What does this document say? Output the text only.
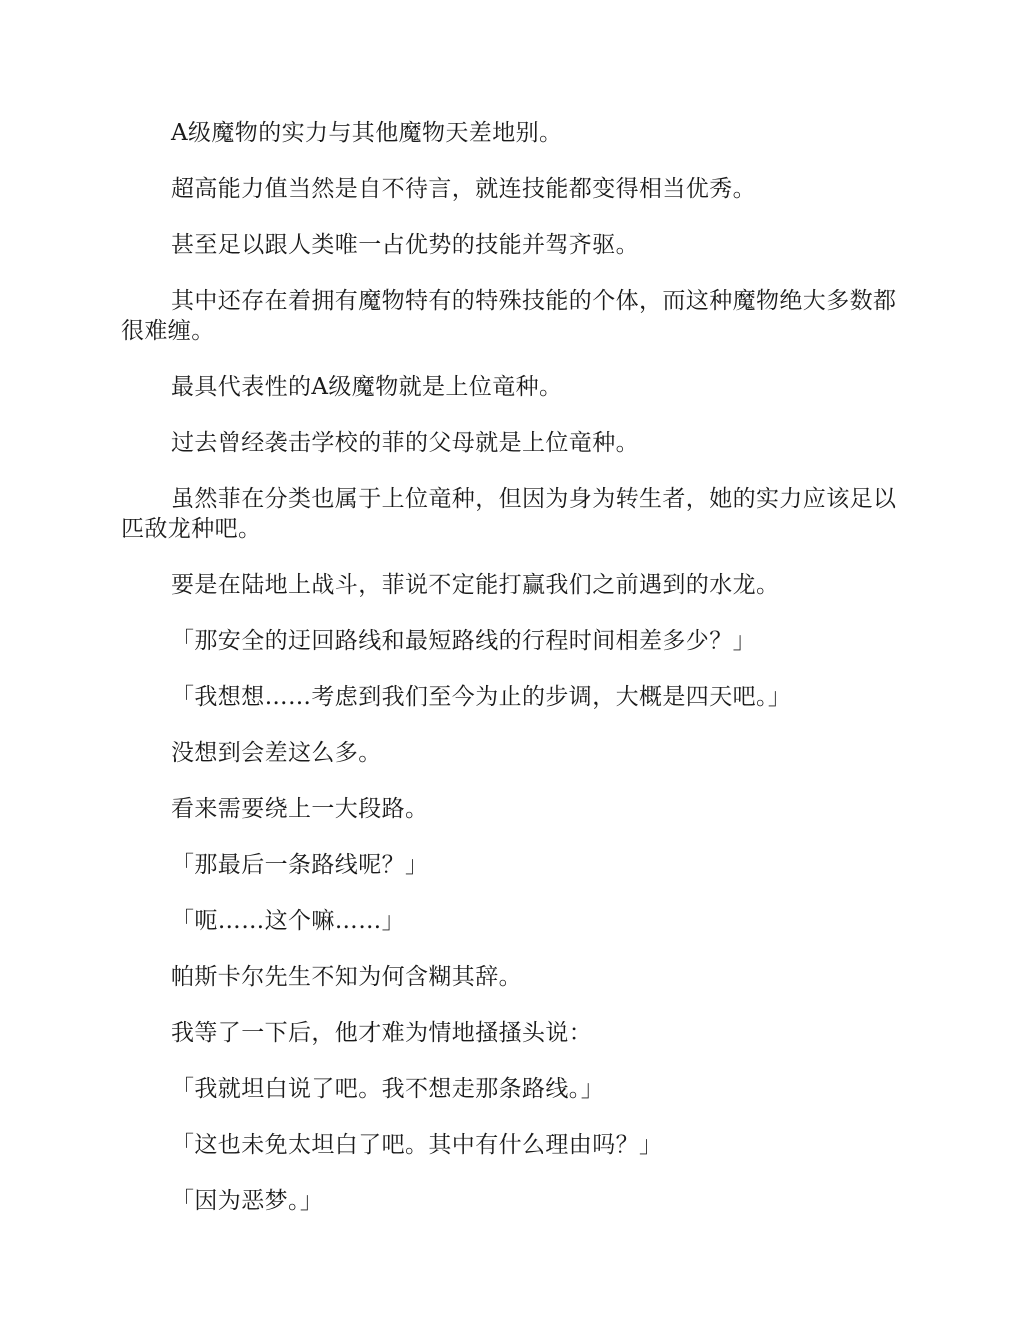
A级魔物的实力与其他魔物天差地别。

超高能力值当然是自不待言，就连技能都变得相当优秀。

甚至足以跟人类唯一占优势的技能并驾齐驱。

其中还存在着拥有魔物特有的特殊技能的个体，而这种魔物绝大多数都很难缠。

最具代表性的A级魔物就是上位竜种。

过去曾经袭击学校的菲的父母就是上位竜种。

虽然菲在分类也属于上位竜种，但因为身为转生者，她的实力应该足以匹敌龙种吧。

要是在陆地上战斗，菲说不定能打赢我们之前遇到的水龙。

「那安全的迂回路线和最短路线的行程时间相差多少？」

「我想想……考虑到我们至今为止的步调，大概是四天吧。」

没想到会差这么多。

看来需要绕上一大段路。

「那最后一条路线呢？」

「呃……这个嘛……」

帕斯卡尔先生不知为何含糊其辞。

我等了一下后，他才难为情地搔搔头说：

「我就坦白说了吧。我不想走那条路线。」

「这也未免太坦白了吧。其中有什么理由吗？」

「因为恶梦。」
